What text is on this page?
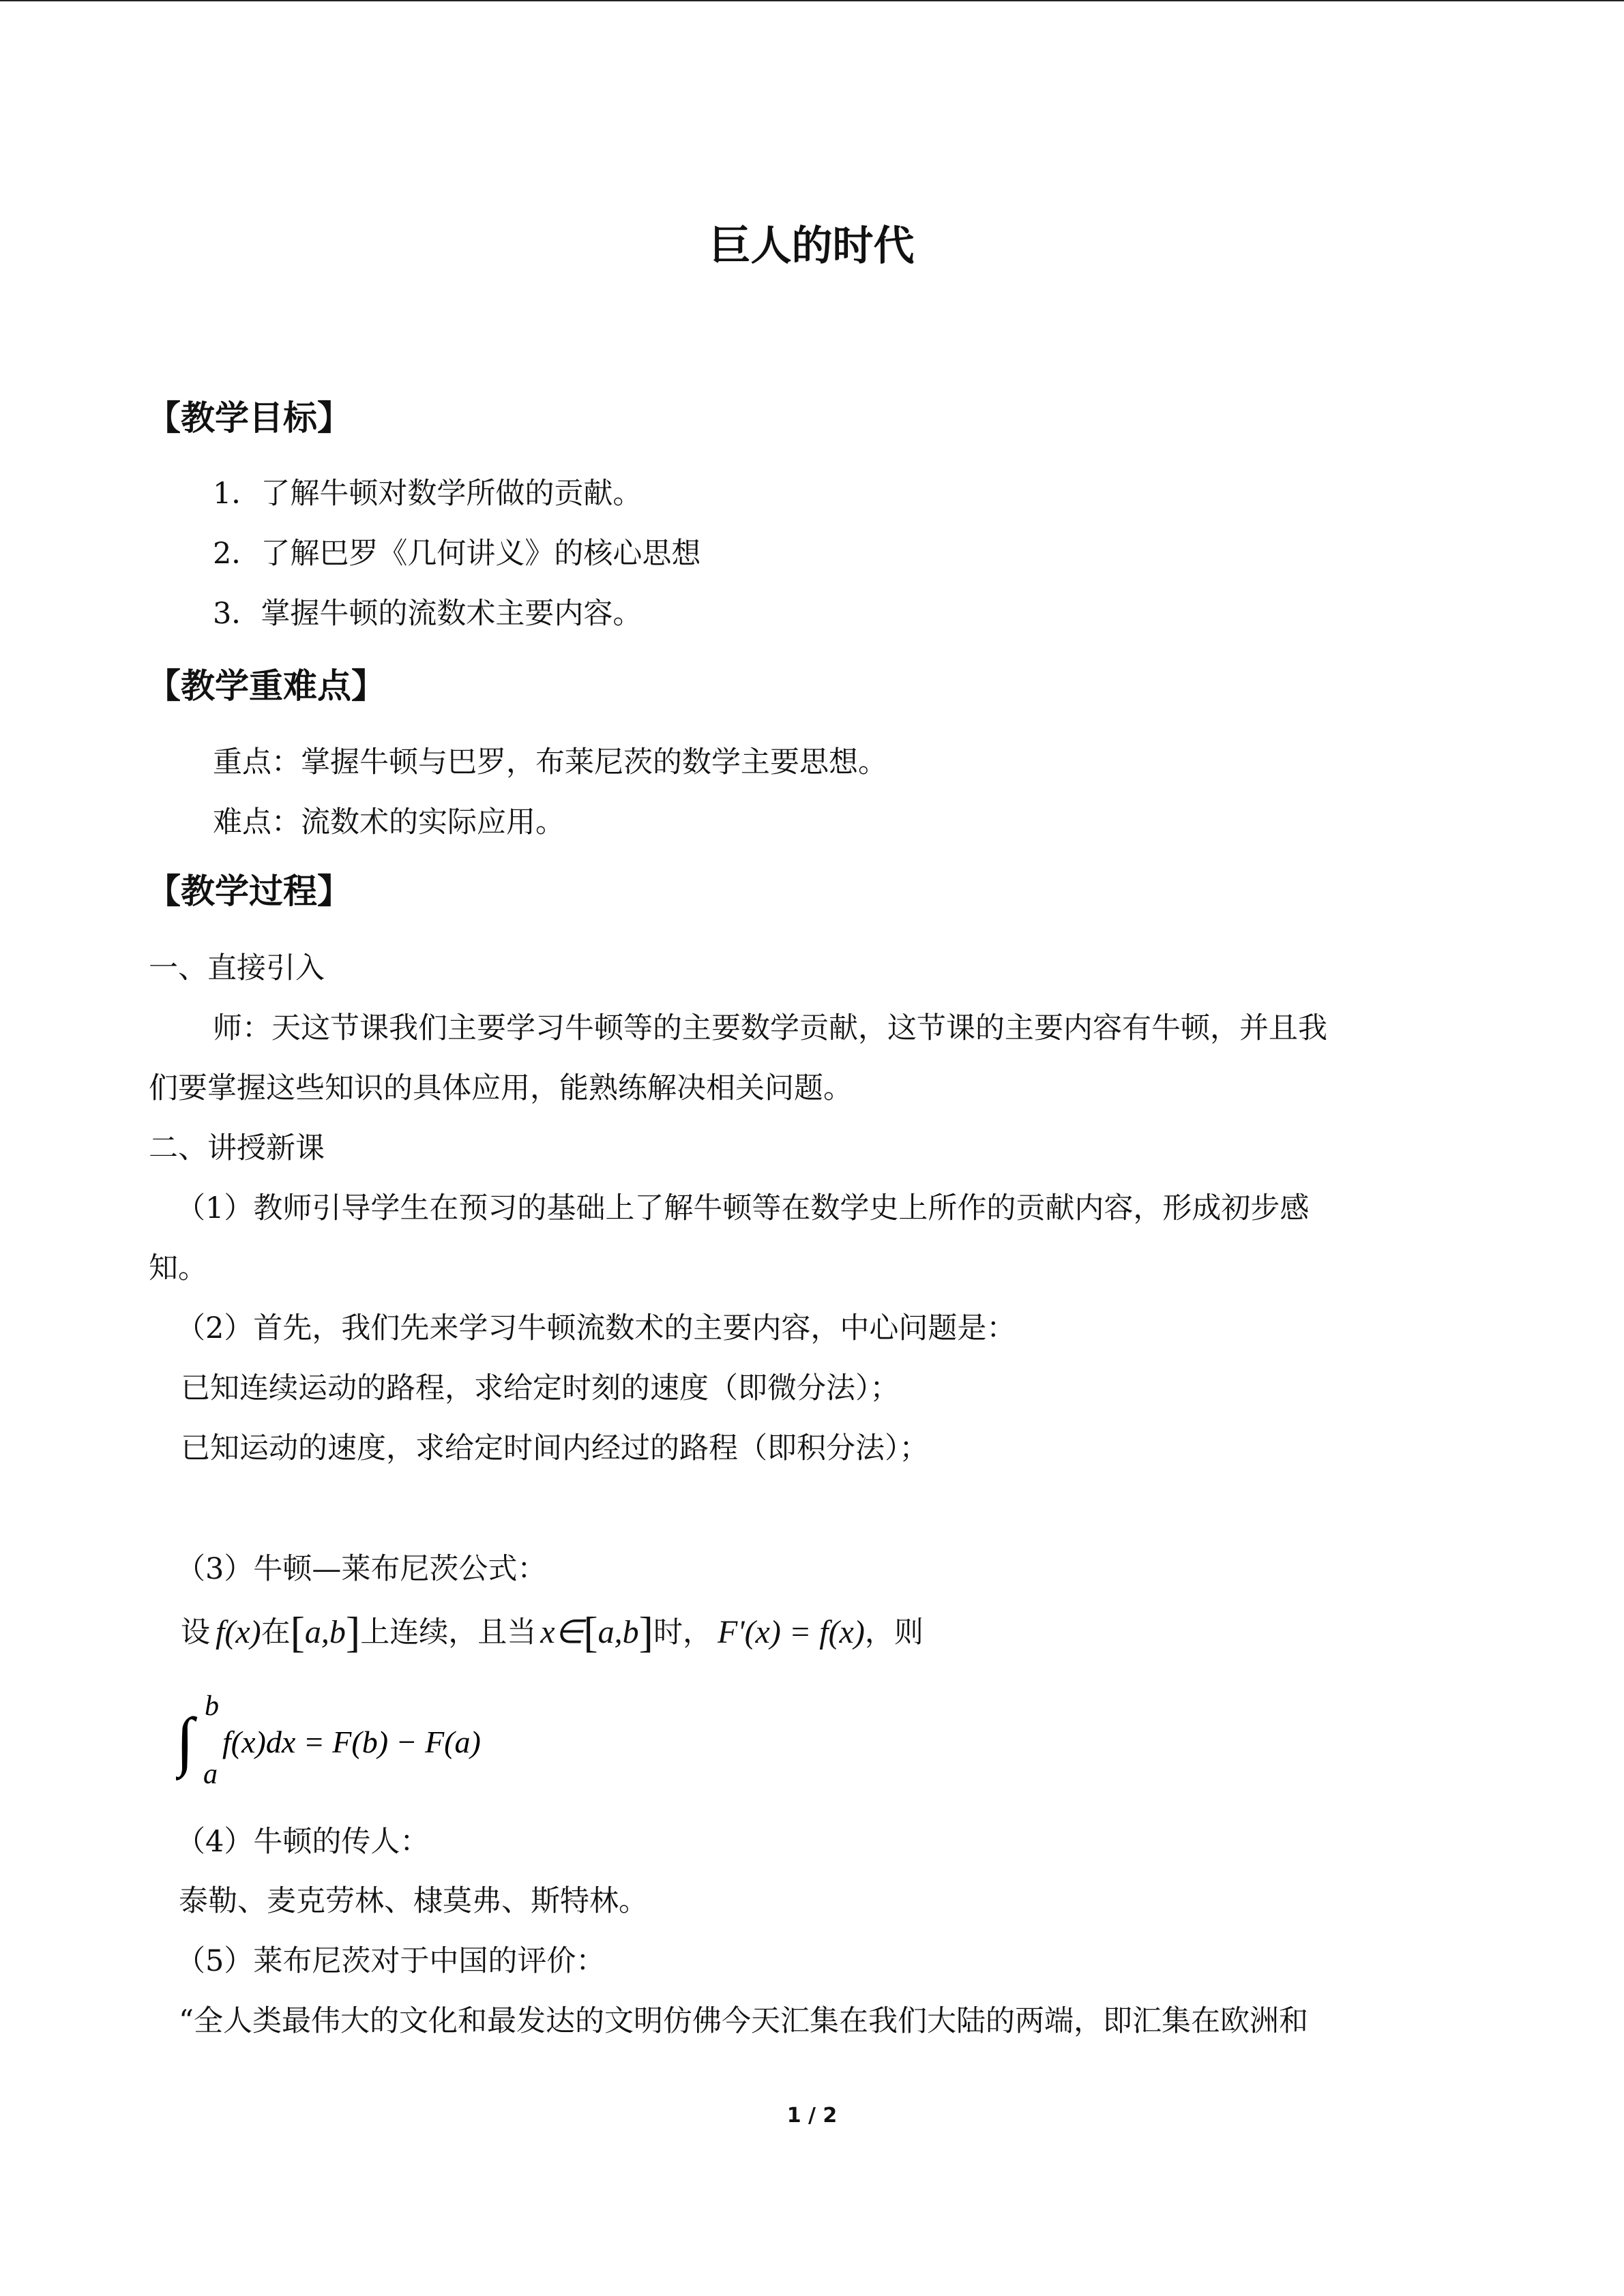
巨人的时代
【教学目标】
1．了解牛顿对数学所做的贡献。
2．了解巴罗《几何讲义》的核心思想
3．掌握牛顿的流数术主要内容。
【教学重难点】
重点：掌握牛顿与巴罗，布莱尼茨的数学主要思想。
难点：流数术的实际应用。
【教学过程】
一、直接引入
师：天这节课我们主要学习牛顿等的主要数学贡献，这节课的主要内容有牛顿，并且我
们要掌握这些知识的具体应用，能熟练解决相关问题。
二、讲授新课
（1）教师引导学生在预习的基础上了解牛顿等在数学史上所作的贡献内容，形成初步感
知。
（2）首先，我们先来学习牛顿流数术的主要内容，中心问题是：
已知连续运动的路程，求给定时刻的速度（即微分法）；
已知运动的速度，求给定时间内经过的路程（即积分法）；
（3）牛顿—莱布尼茨公式：
设 f(x) 在 [ a,b ] 上连续，且当 x∈ [ a,b ] 时， F'(x) = f(x) ，则
∫ b
a
f(x)dx = F(b) − F(a)
（4）牛顿的传人：
泰勒、麦克劳林、棣莫弗、斯特林。
（5）莱布尼茨对于中国的评价：
“全人类最伟大的文化和最发达的文明仿佛今天汇集在我们大陆的两端，即汇集在欧洲和
1 / 2
